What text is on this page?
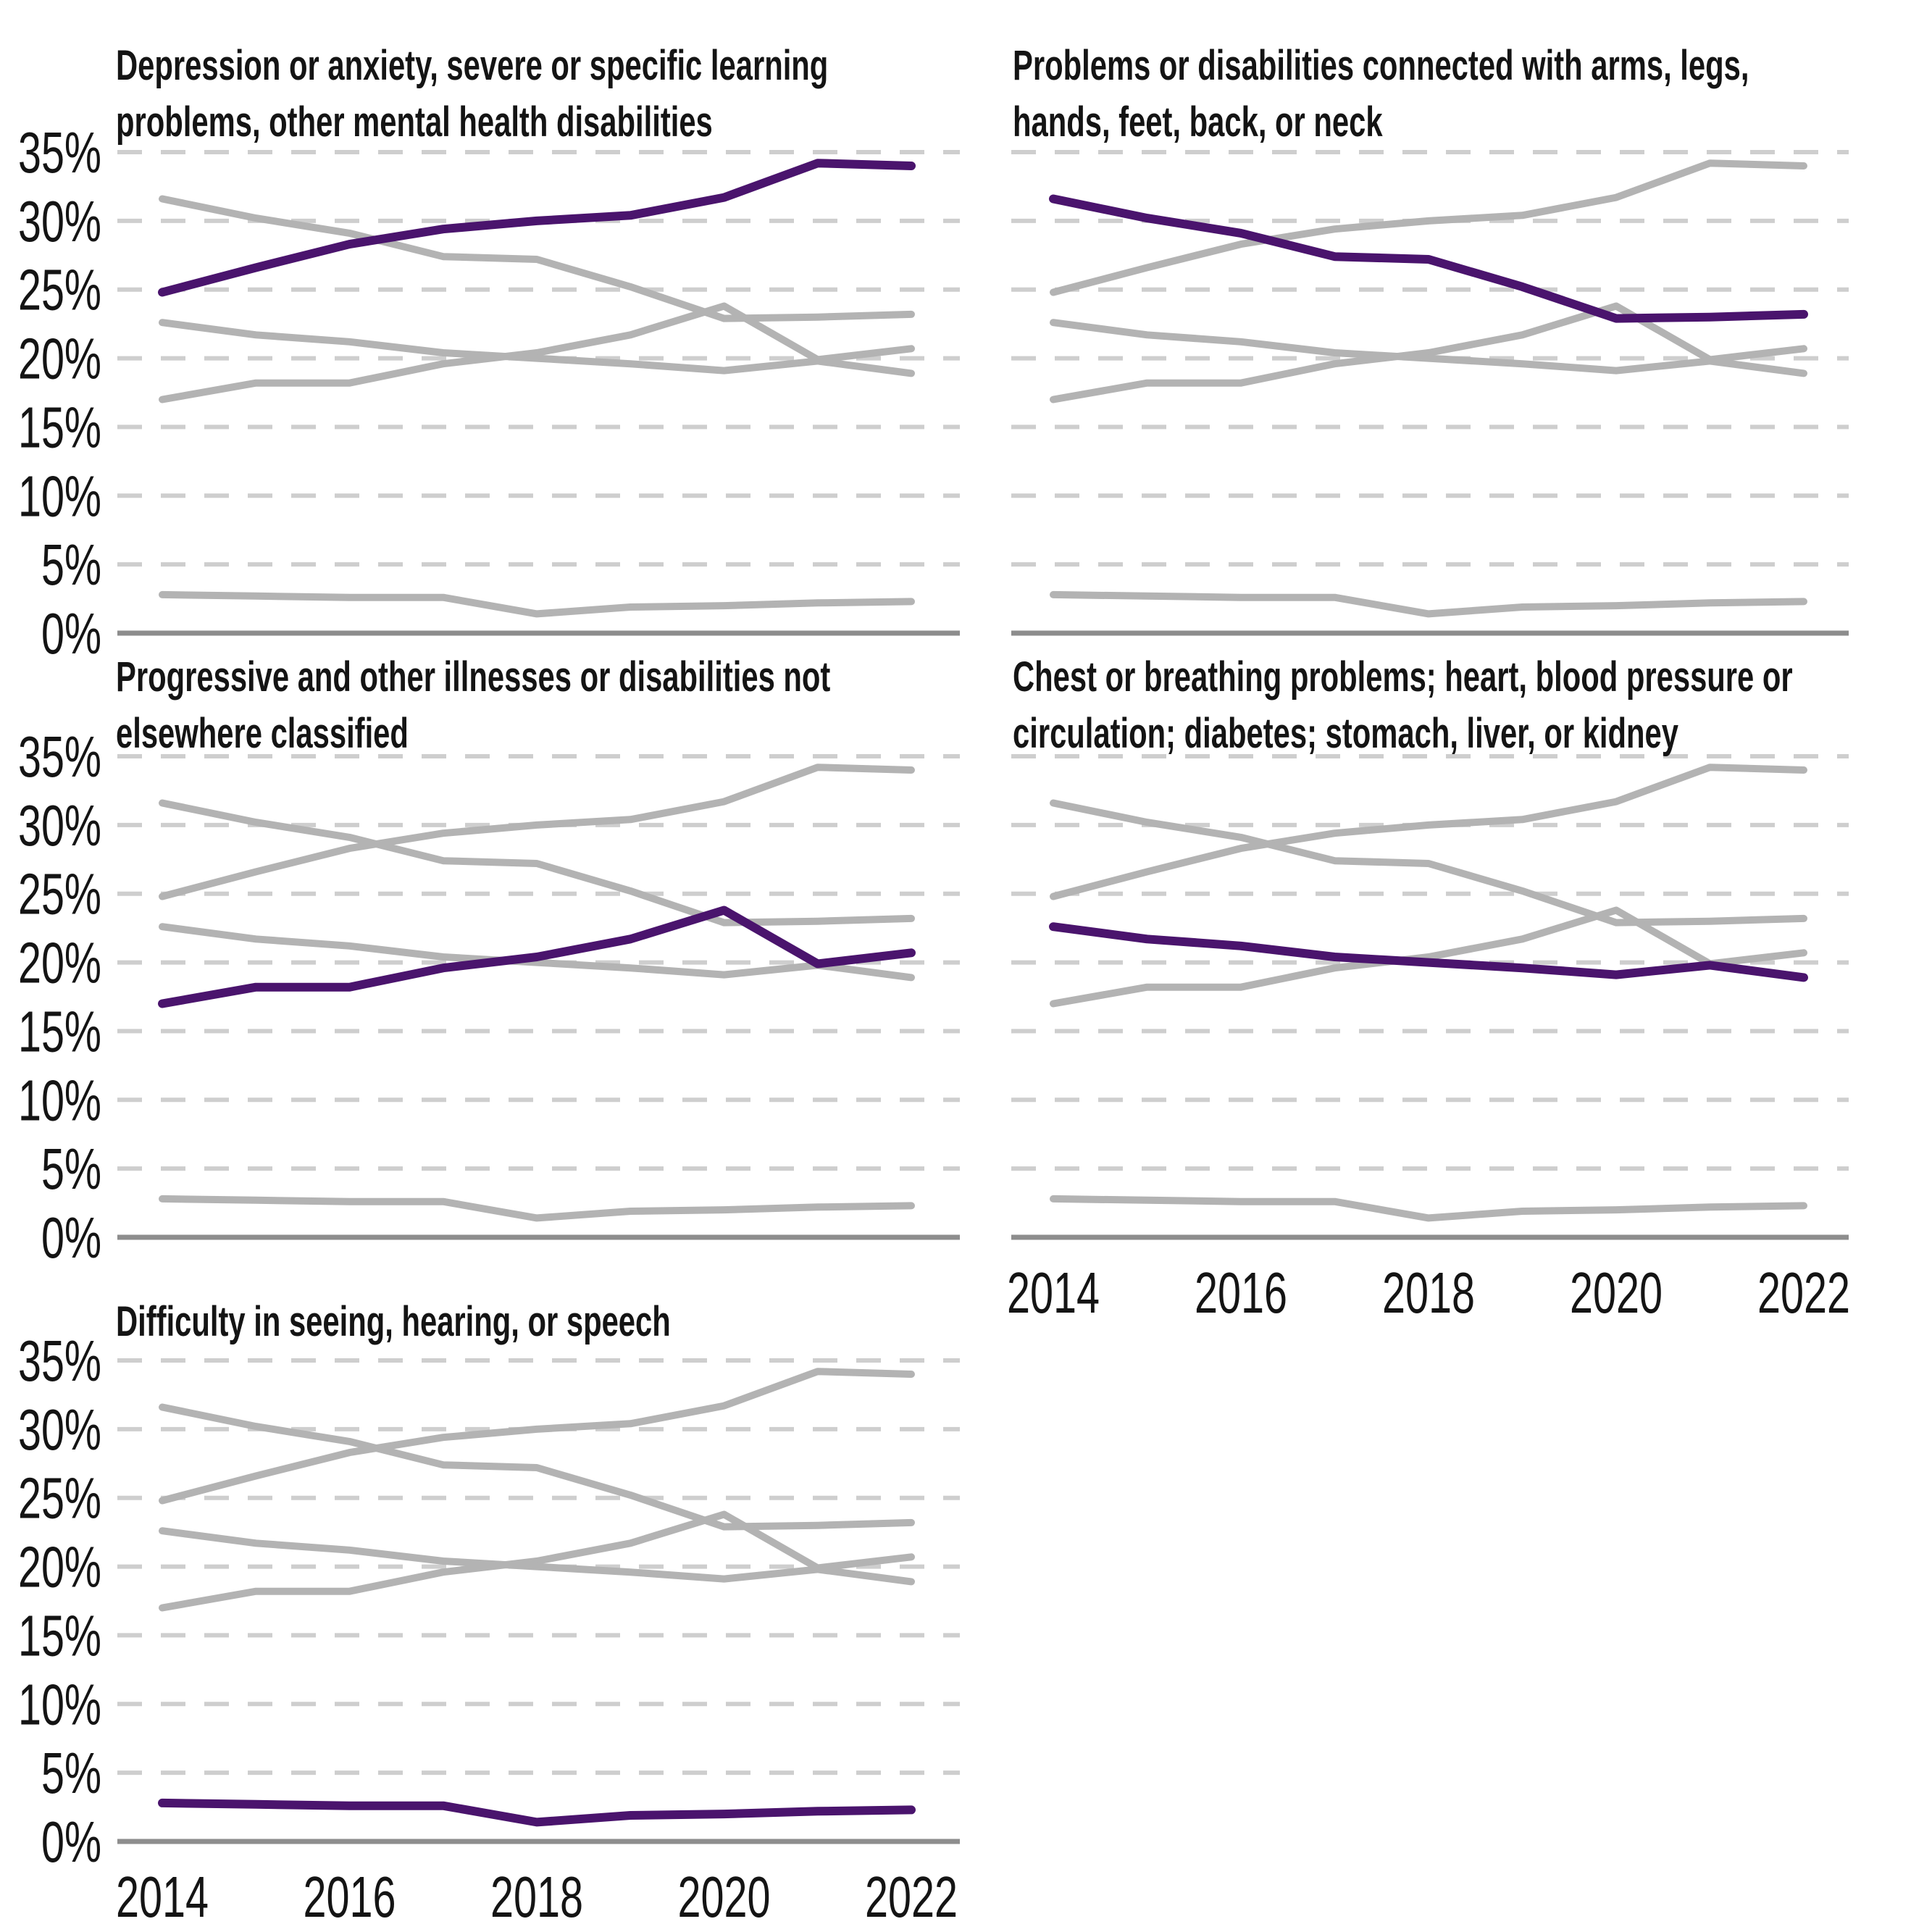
0%
5%
10%
15%
20%
25%
30%
35%
0%
5%
10%
15%
20%
25%
30%
35%
2014 2016 2018 2020 2022
0%
5%
10%
15%
20%
25%
30%
35%
2014 2016 2018 2020 2022
Depression or anxiety, severe or specific learning
problems, other mental health disabilities
Problems or disabilities connected with arms, legs,
hands, feet, back, or neck
Progressive and other illnesses or disabilities not
elsewhere classified
Chest or breathing problems; heart, blood pressure or
circulation; diabetes; stomach, liver, or kidney
Difficulty in seeing, hearing, or speech
